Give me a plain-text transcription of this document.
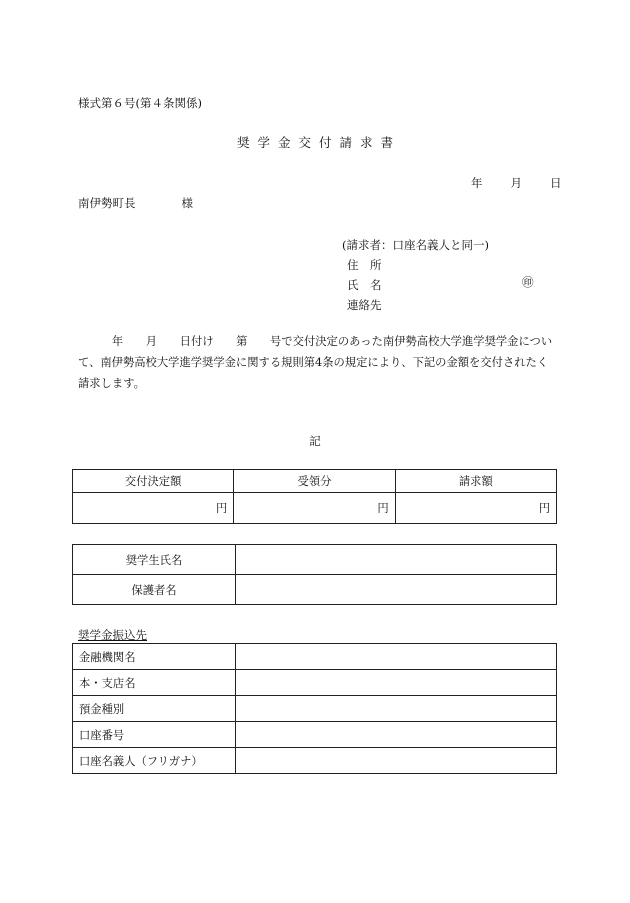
様式第６号(第４条関係)
奨学金交付請求書
年 月 日
南伊勢町長	様
(請求者：口座名義人と同一)
住　所
氏　名
連絡先
㊞
　　　年　　月　　日付け　　第　　号で交付決定のあった南伊勢高校大学進学奨学金について、南伊勢高校大学進学奨学金に関する規則第4条の規定により、下記の金額を交付されたく請求します。
記
交付決定額	受領分	請求額
円	円	円
奨学生氏名	
保護者名	
奨学金振込先
金融機関名	
本・支店名	
預金種別	
口座番号	
口座名義人（フリガナ）	
